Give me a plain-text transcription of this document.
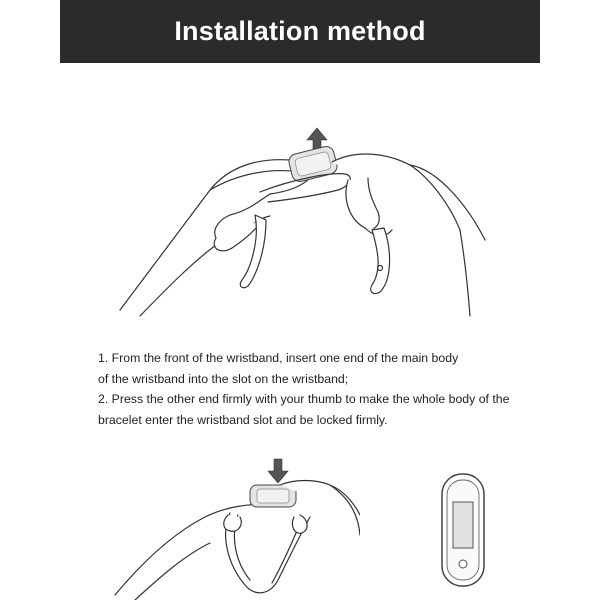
Installation method

1. From the front of the wristband, insert one end of the main body

of the wristband into the slot on the wristband;

2. Press the other end firmly with your thumb to make the whole body of the

bracelet enter the wristband slot and be locked firmly.
